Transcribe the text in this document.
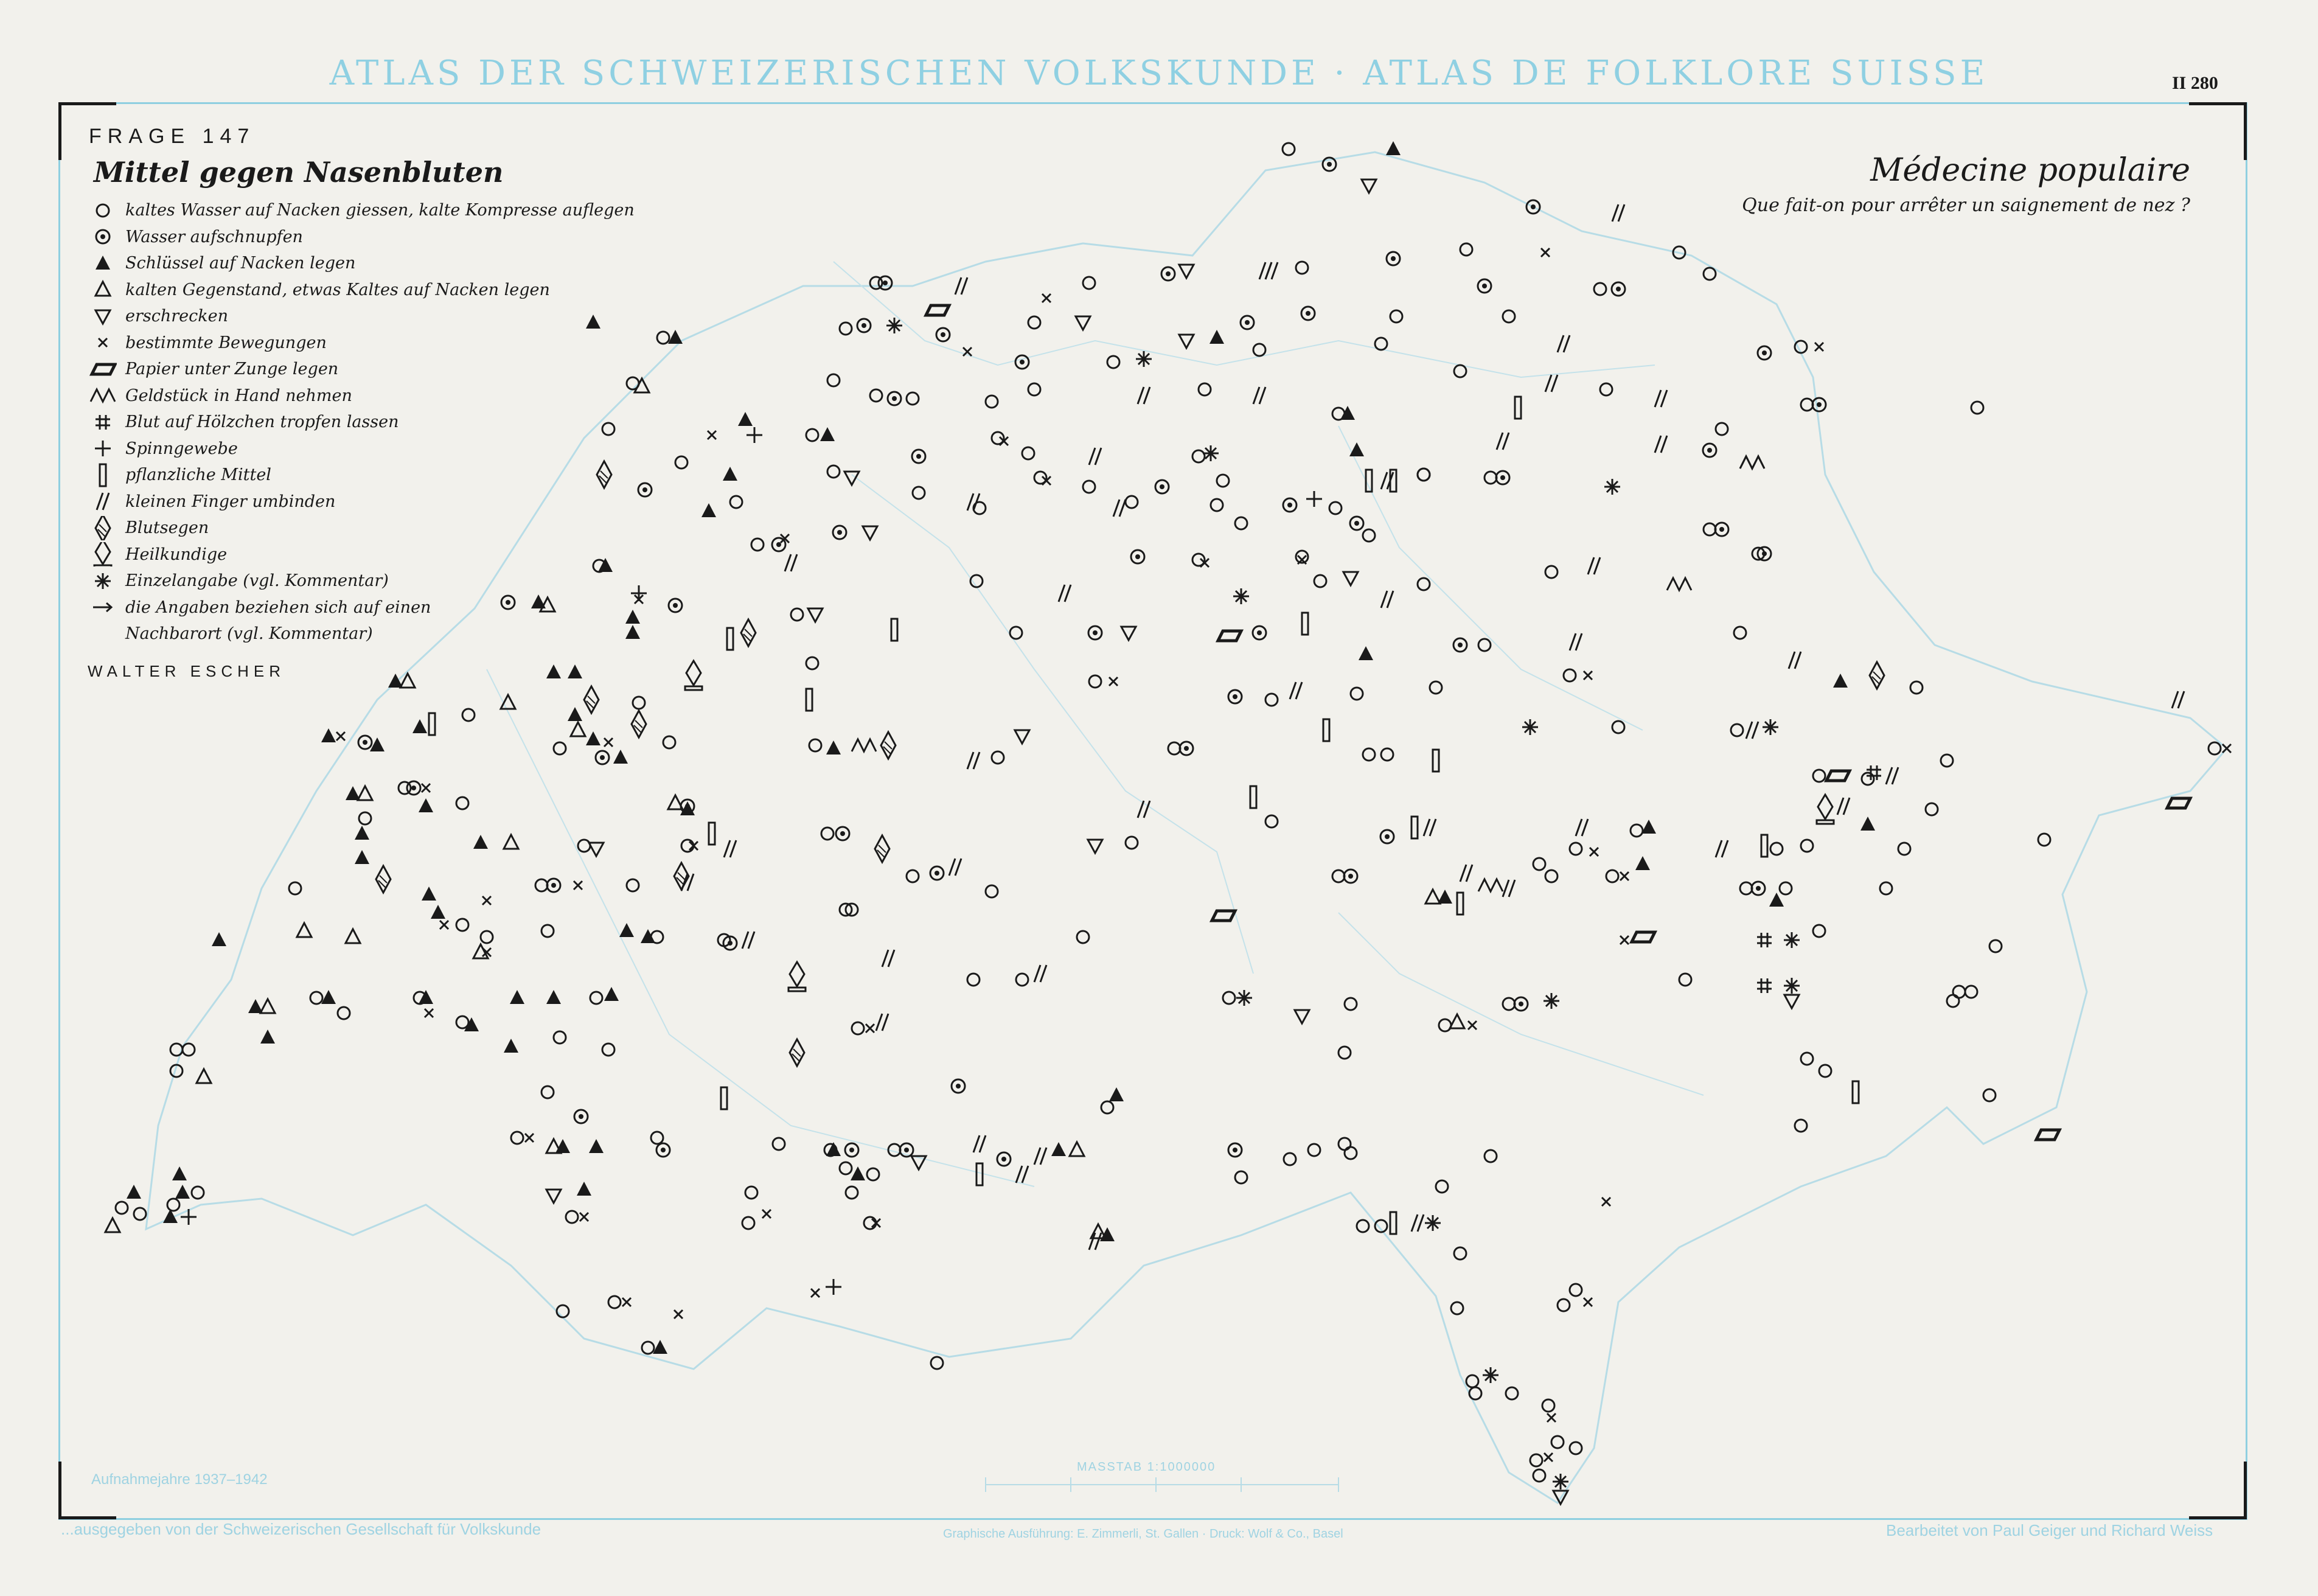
ATLAS DER SCHWEIZERISCHEN VOLKSKUNDE · ATLAS DE FOLKLORE SUISSE	II 280
FRAGE 147
Mittel gegen Nasenbluten
kaltes Wasser auf Nacken giessen, kalte Kompresse auflegen
Wasser aufschnupfen
Schlüssel auf Nacken legen
kalten Gegenstand, etwas Kaltes auf Nacken legen
erschrecken
bestimmte Bewegungen
Papier unter Zunge legen
Geldstück in Hand nehmen
Blut auf Hölzchen tropfen lassen
Spinngewebe
pflanzliche Mittel
kleinen Finger umbinden
Blutsegen
Heilkundige
Einzelangabe (vgl. Kommentar)
die Angaben beziehen sich auf einen
Nachbarort (vgl. Kommentar)
WALTER ESCHER
Médecine populaire
Que fait-on pour arrêter un saignement de nez ?
MASSTAB 1:1000000
Aufnahmejahre 1937–1942
...ausgegeben von der Schweizerischen Gesellschaft für Volkskunde	Graphische Ausführung: E. Zimmerli, St. Gallen · Druck: Wolf & Co., Basel	Bearbeitet von Paul Geiger und Richard Weiss
